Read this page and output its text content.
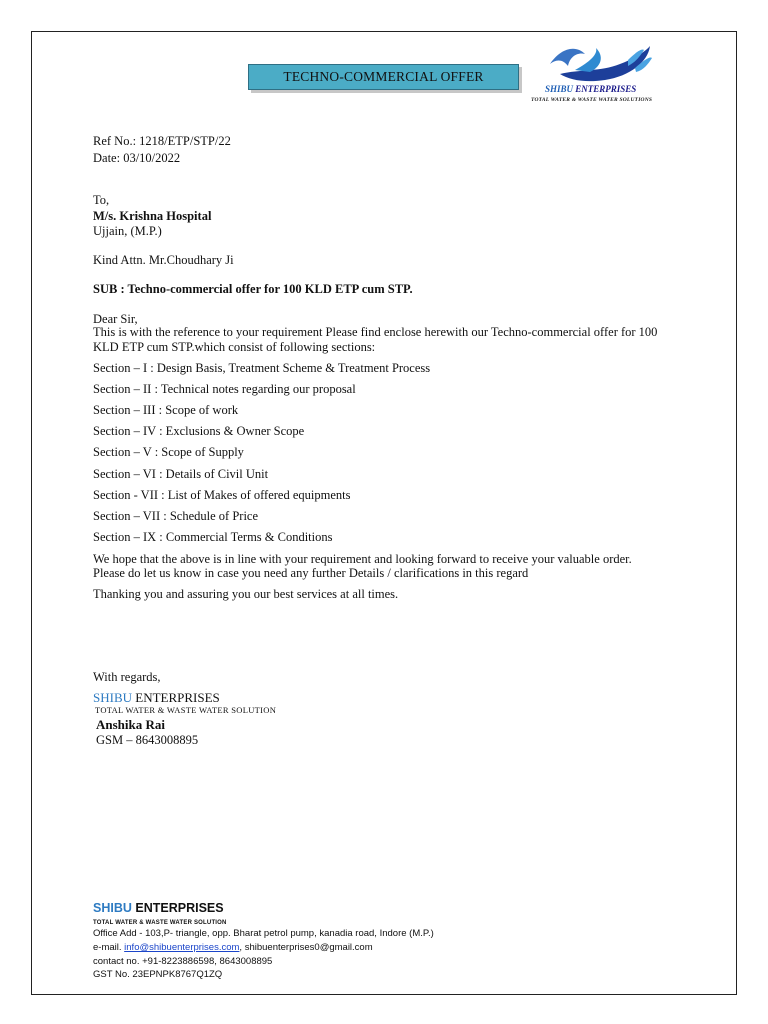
TECHNO-COMMERCIAL OFFER
SHIBU ENTERPRISES
TOTAL WATER & WASTE WATER SOLUTIONS
Ref No.: 1218/ETP/STP/22
Date: 03/10/2022
To,
M/s. Krishna Hospital
Ujjain, (M.P.)
Kind Attn. Mr.Choudhary Ji
SUB : Techno-commercial offer for 100 KLD ETP cum STP.
Dear Sir,
This is with the reference to your requirement Please find enclose herewith our Techno-commercial offer for 100
KLD ETP cum STP.which consist of following sections:
Section – I : Design Basis, Treatment Scheme & Treatment Process
Section – II : Technical notes regarding our proposal
Section – III : Scope of work
Section – IV : Exclusions & Owner Scope
Section – V : Scope of Supply
Section – VI : Details of Civil Unit
Section - VII : List of Makes of offered equipments
Section – VII : Schedule of Price
Section – IX : Commercial Terms & Conditions
We hope that the above is in line with your requirement and looking forward to receive your valuable order.
Please do let us know in case you need any further Details / clarifications in this regard
Thanking you and assuring you our best services at all times.
With regards,
SHIBU ENTERPRISES
TOTAL WATER & WASTE WATER SOLUTION
Anshika Rai
GSM – 8643008895
SHIBU ENTERPRISES
TOTAL WATER & WASTE WATER SOLUTION
Office Add - 103,P- triangle, opp. Bharat petrol pump, kanadia road, Indore (M.P.)
e-mail. info@shibuenterprises.com, shibuenterprises0@gmail.com
contact no. +91-8223886598, 8643008895
GST No. 23EPNPK8767Q1ZQ
